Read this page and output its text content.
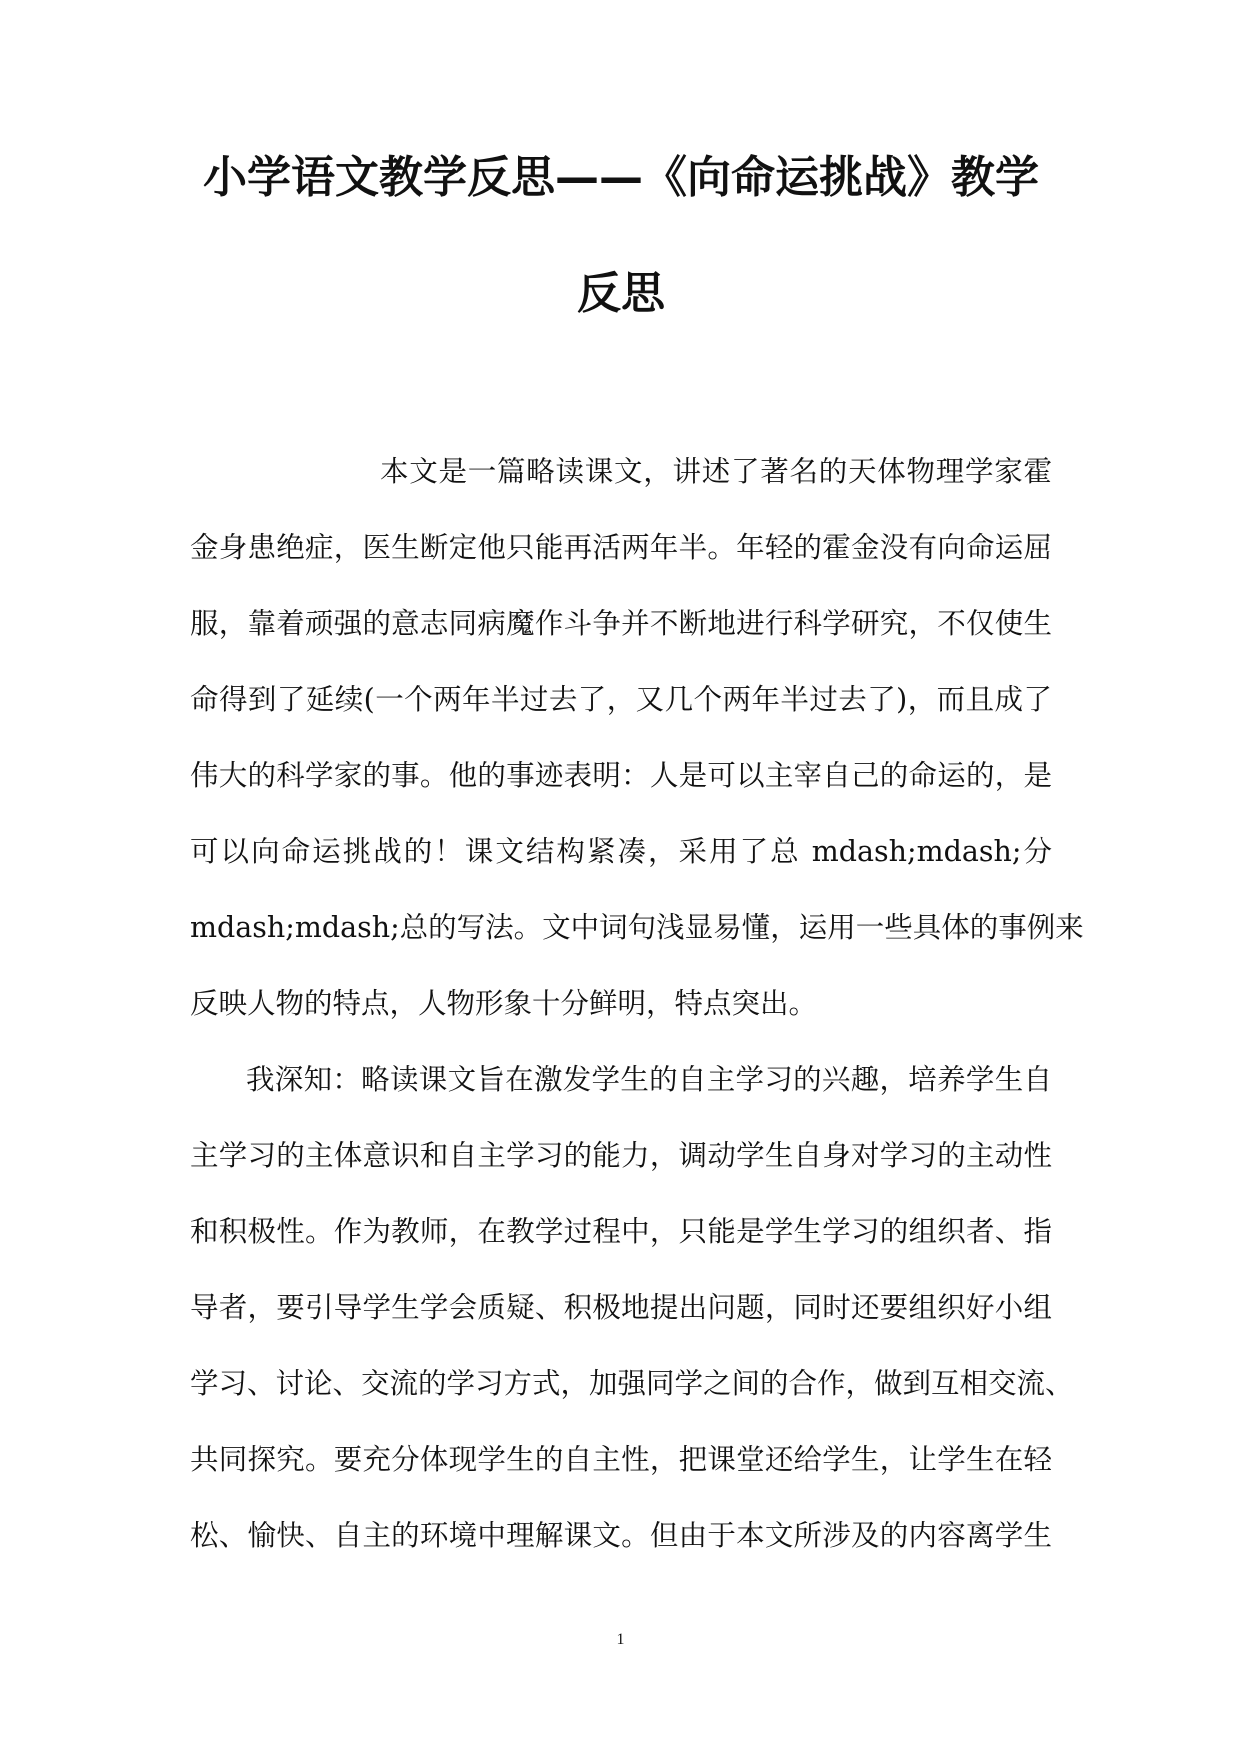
小学语文教学反思——《向命运挑战》教学
反思

本文是一篇略读课文，讲述了著名的天体物理学家霍

金身患绝症，医生断定他只能再活两年半。年轻的霍金没有向命运屈

服，靠着顽强的意志同病魔作斗争并不断地进行科学研究，不仅使生

命得到了延续(一个两年半过去了，又几个两年半过去了)，而且成了

伟大的科学家的事。他的事迹表明：人是可以主宰自己的命运的，是

可以向命运挑战的！课文结构紧凑，采用了总 mdash;mdash;分

mdash;mdash;总的写法。文中词句浅显易懂，运用一些具体的事例来

反映人物的特点，人物形象十分鲜明，特点突出。

我深知：略读课文旨在激发学生的自主学习的兴趣，培养学生自

主学习的主体意识和自主学习的能力，调动学生自身对学习的主动性

和积极性。作为教师，在教学过程中，只能是学生学习的组织者、指

导者，要引导学生学会质疑、积极地提出问题，同时还要组织好小组

学习、讨论、交流的学习方式，加强同学之间的合作，做到互相交流、

共同探究。要充分体现学生的自主性，把课堂还给学生，让学生在轻

松、愉快、自主的环境中理解课文。但由于本文所涉及的内容离学生

1
